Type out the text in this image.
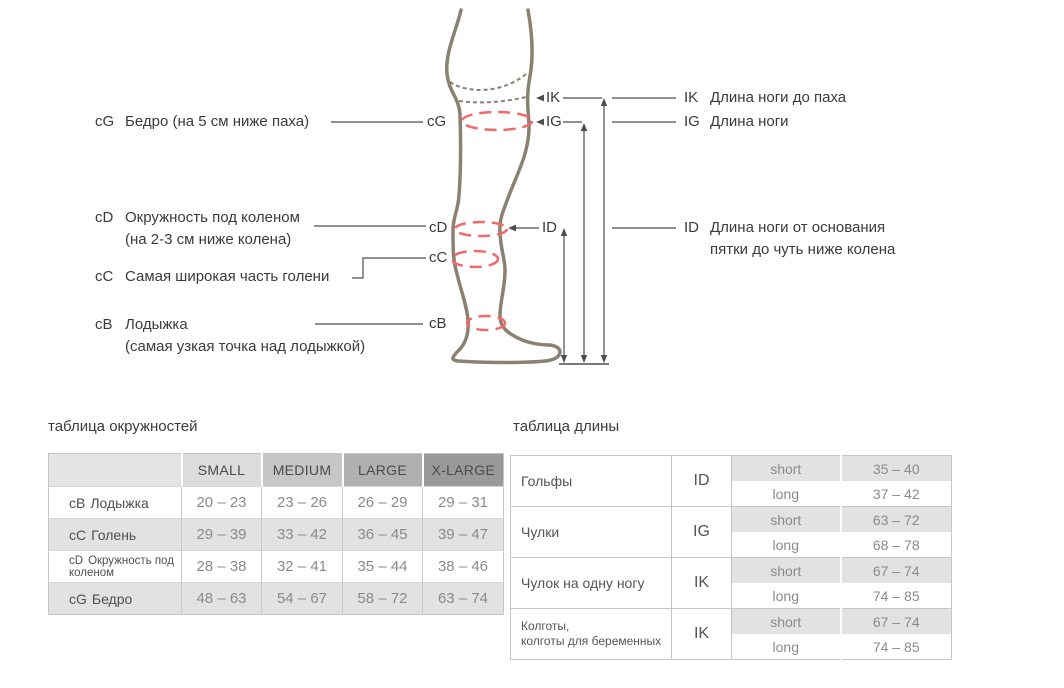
cG
cD
cC
cB
IK
IG
ID
cG Бедро (на 5 см ниже паха)
cD Окружность под коленом
(на 2-3 см ниже колена)
cC Самая широкая часть голени
cB Лодыжка
(самая узкая точка над лодыжкой)
IK Длина ноги до паха
IG Длина ноги
ID Длина ноги от основания
пятки до чуть ниже колена
таблица окружностей
	SMALL	MEDIUM	LARGE	X-LARGE
cB Лодыжка	20 – 23	23 – 26	26 – 29	29 – 31
cC Голень	29 – 39	33 – 42	36 – 45	39 – 47
cD Окружность под коленом	28 – 38	32 – 41	35 – 44	38 – 46
cG Бедро	48 – 63	54 – 67	58 – 72	63 – 74
таблица длины
Гольфы	ID	short	35 – 40
		long	37 – 42
Чулки	IG	short	63 – 72
		long	68 – 78
Чулок на одну ногу	IK	short	67 – 74
		long	74 – 85
Колготы,
колготы для беременных	IK	short	67 – 74
		long	74 – 85
